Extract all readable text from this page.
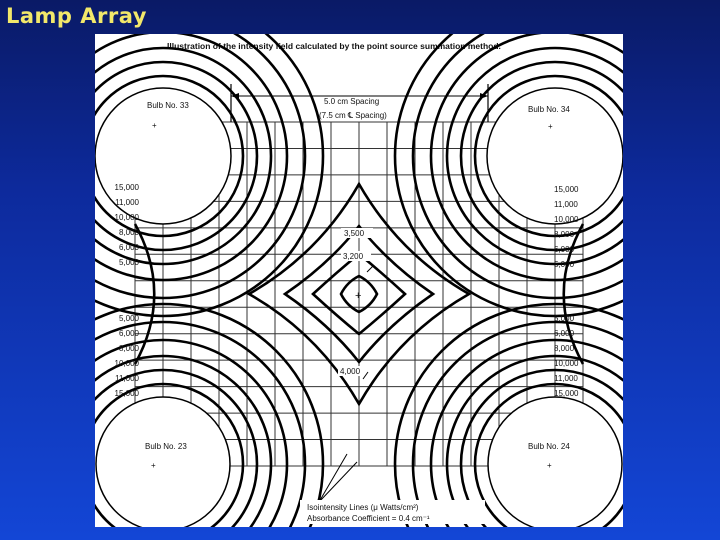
Lamp Array
Illustration of the intensity field calculated by the point source summation method.
Bulb No. 33	Bulb No. 34
Bulb No. 23	Bulb No. 24
+	+
+	+
5.0 cm Spacing
(7.5 cm ℄ Spacing)
15,000
11,000
10,000
8,000
6,000
5,000
5,000
6,000
8,000
10,000
11,000
15,000
15,000
11,000
10,000
8,000
6,000
5,000
5,000
6,000
8,000
10,000
11,000
15,000
3,500
3,200
+
4,000
Isointensity Lines (μ Watts/cm²)
Absorbance Coefficient = 0.4 cm⁻¹
